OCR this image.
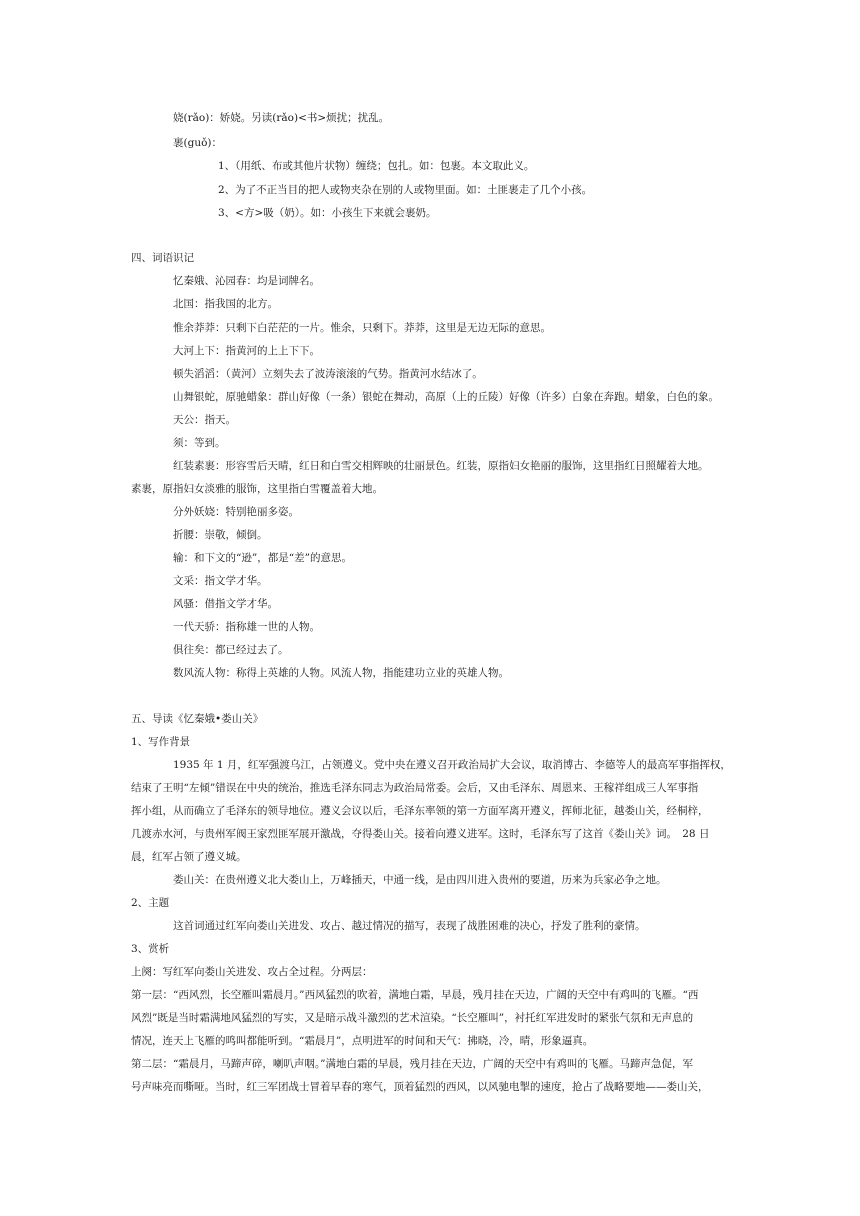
娆(rǎo)：娇娆。另读(rǎo)<书>烦扰；扰乱。
裹(guǒ)：
1、（用纸、布或其他片状物）缠绕；包扎。如：包裹。本文取此义。
2、为了不正当目的把人或物夹杂在别的人或物里面。如：土匪裹走了几个小孩。
3、<方>吸（奶）。如：小孩生下来就会裹奶。
四、词语识记
忆秦娥、沁园春：均是词牌名。
北国：指我国的北方。
惟余莽莽：只剩下白茫茫的一片。惟余，只剩下。莽莽，这里是无边无际的意思。
大河上下：指黄河的上上下下。
顿失滔滔：（黄河）立刻失去了波涛滚滚的气势。指黄河水结冰了。
山舞银蛇，原驰蜡象：群山好像（一条）银蛇在舞动，高原（上的丘陵）好像（许多）白象在奔跑。蜡象，白色的象。
天公：指天。
须：等到。
红装素裹：形容雪后天晴，红日和白雪交相辉映的壮丽景色。红装，原指妇女艳丽的服饰，这里指红日照耀着大地。
素裹，原指妇女淡雅的服饰，这里指白雪覆盖着大地。
分外妖娆：特别艳丽多姿。
折腰：崇敬，倾倒。
输：和下文的“逊”，都是“差”的意思。
文采：指文学才华。
风骚：借指文学才华。
一代天骄：指称雄一世的人物。
俱往矣：都已经过去了。
数风流人物：称得上英雄的人物。风流人物，指能建功立业的英雄人物。
五、导读《忆秦娥•娄山关》
1、写作背景
1935 年 1 月，红军强渡乌江，占领遵义。党中央在遵义召开政治局扩大会议，取消博古、李德等人的最高军事指挥权，
结束了王明“左倾”错误在中央的统治，推选毛泽东同志为政治局常委。会后，又由毛泽东、周恩来、王稼祥组成三人军事指
挥小组，从而确立了毛泽东的领导地位。遵义会议以后，毛泽东率领的第一方面军离开遵义，挥师北征，越娄山关，经桐梓，
几渡赤水河，与贵州军阀王家烈匪军展开激战，夺得娄山关。接着向遵义进军。这时，毛泽东写了这首《娄山关》词。　28 日
晨，红军占领了遵义城。
娄山关：在贵州遵义北大娄山上，万峰插天，中通一线，是由四川进入贵州的要道，历来为兵家必争之地。
2、主题
这首词通过红军向娄山关进发、攻占、越过情况的描写，表现了战胜困难的决心，抒发了胜利的豪情。
3、赏析
上阕：写红军向娄山关进发、攻占全过程。分两层：
第一层：“西风烈，长空雁叫霜晨月。”西风猛烈的吹着，满地白霜，早晨，残月挂在天边，广阔的天空中有鸡叫的飞雁。“西
风烈”既是当时霜满地风猛烈的写实，又是暗示战斗激烈的艺术渲染。“长空雁叫”，衬托红军进发时的紧张气氛和无声息的
情况，连天上飞雁的鸣叫都能听到。“霜晨月”，点明进军的时间和天气：拂晓，冷，晴，形象逼真。
第二层：“霜晨月，马蹄声碎，喇叭声咽。”满地白霜的早晨，残月挂在天边，广阔的天空中有鸡叫的飞雁。马蹄声急促，军
号声味亮而嘶哑。当时，红三军团战士冒着早春的寒气，顶着猛烈的西风，以风驰电掣的速度，抢占了战略要地——娄山关，
